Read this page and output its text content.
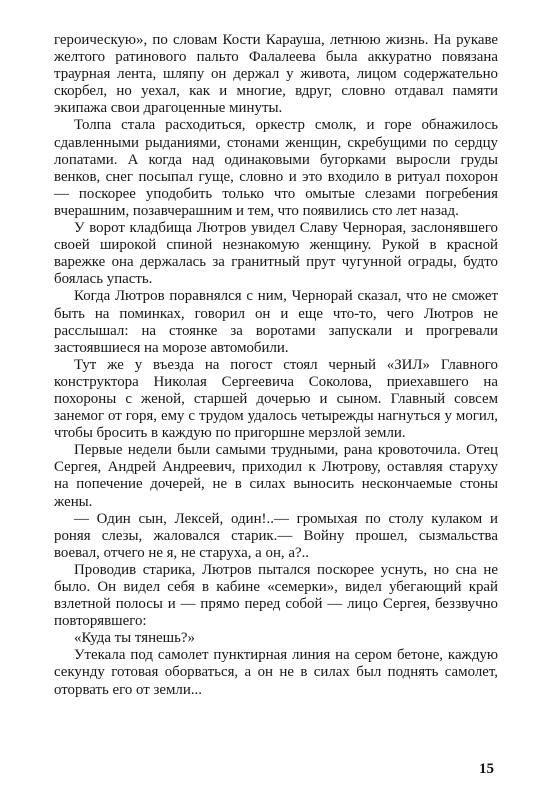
героическую», по словам Кости Карауша, летнюю жизнь. На рукаве желтого ратинового пальто Фалалеева была аккуратно повязана траурная лента, шляпу он держал у живота, лицом содержательно скорбел, но уехал, как и многие, вдруг, словно отдавал памяти экипажа свои драгоценные минуты.

Толпа стала расходиться, оркестр смолк, и горе обнажилось сдавленными рыданиями, стонами женщин, скребущими по сердцу лопатами. А когда над одинаковыми бугорками выросли груды венков, снег посыпал гуще, словно и это входило в ритуал похорон — поскорее уподобить только что омытые слезами погребения вчерашним, позавчерашним и тем, что появились сто лет назад.

У ворот кладбища Лютров увидел Славу Чернорая, заслонявшего своей широкой спиной незнакомую женщину. Рукой в красной варежке она держалась за гранитный прут чугунной ограды, будто боялась упасть.

Когда Лютров поравнялся с ним, Чернорай сказал, что не сможет быть на поминках, говорил он и еще что-то, чего Лютров не расслышал: на стоянке за воротами запускали и прогревали застоявшиеся на морозе автомобили.

Тут же у въезда на погост стоял черный «ЗИЛ» Главного конструктора Николая Сергеевича Соколова, приехавшего на похороны с женой, старшей дочерью и сыном. Главный совсем занемог от горя, ему с трудом удалось четырежды нагнуться у могил, чтобы бросить в каждую по пригоршне мерзлой земли.

Первые недели были самыми трудными, рана кровоточила. Отец Сергея, Андрей Андреевич, приходил к Лютрову, оставляя старуху на попечение дочерей, не в силах выносить нескончаемые стоны жены.

— Один сын, Лексей, один!..— громыхая по столу кулаком и роняя слезы, жаловался старик.— Войну прошел, сызмальства воевал, отчего не я, не старуха, а он, а?..

Проводив старика, Лютров пытался поскорее уснуть, но сна не было. Он видел себя в кабине «семерки», видел убегающий край взлетной полосы и — прямо перед собой — лицо Сергея, беззвучно повторявшего:

«Куда ты тянешь?»

Утекала под самолет пунктирная линия на сером бетоне, каждую секунду готовая оборваться, а он не в силах был поднять самолет, оторвать его от земли...

15
